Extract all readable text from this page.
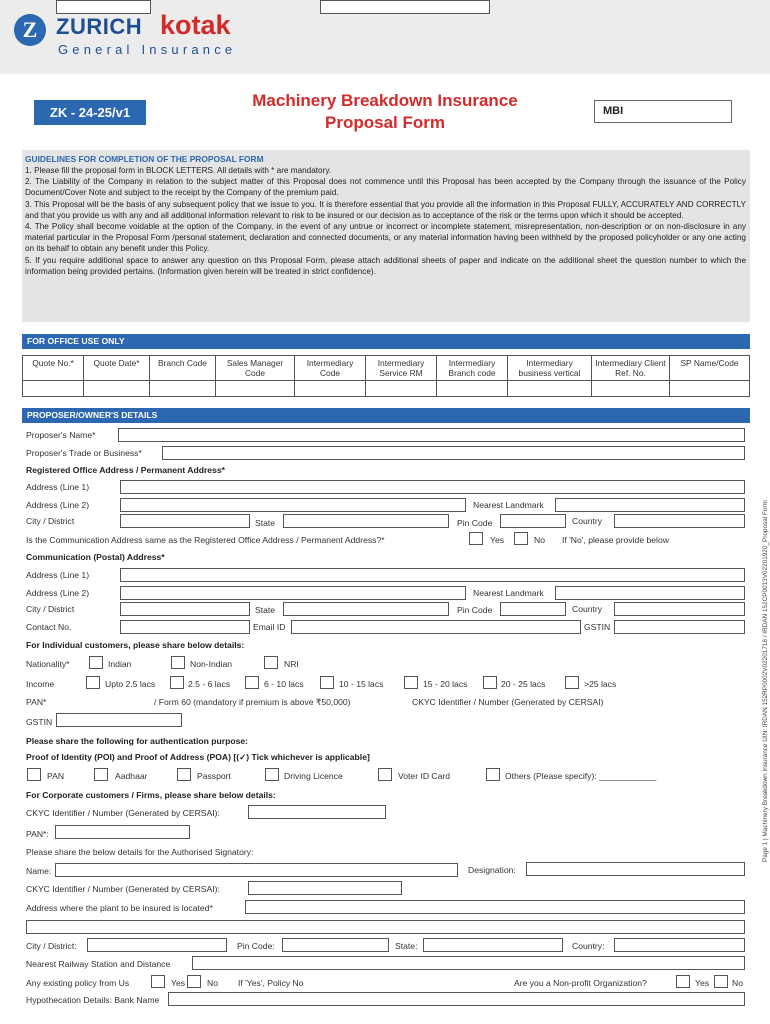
Z ZURICH kotak
General Insurance
ZK - 24-25/v1
Machinery Breakdown Insurance
Proposal Form
MBI
GUIDELINES FOR COMPLETION OF THE PROPOSAL FORM
1. Please fill the proposal form in BLOCK LETTERS. All details with * are mandatory.
2. The Liability of the Company in relation to the subject matter of this Proposal does not commence until this Proposal has been accepted by the Company through the issuance of the Policy Document/Cover Note and subject to the receipt by the Company of the premium paid.
3. This Proposal will be the basis of any subsequent policy that we issue to you. It is therefore essential that you provide all the information in this Proposal FULLY, ACCURATELY AND CORRECTLY and that you provide us with any and all additional information relevant to risk to be insured or our decision as to acceptance of the risk or the terms upon which it should be accepted.
4. The Policy shall become voidable at the option of the Company, in the event of any untrue or incorrect or incomplete statement, misrepresentation, non-description or on non-disclosure in any material particular in the Proposal Form /personal statement, declaration and connected documents, or any material information having been withheld by the proposed policyholder or any one acting on its behalf to obtain any benefit under this Policy.
5. If you require additional space to answer any question on this Proposal Form, please attach additional sheets of paper and indicate on the additional sheet the question number to which the information being provided pertains. (Information given herein will be treated in strict confidence).
FOR OFFICE USE ONLY
Quote No.*	Quote Date*	Branch Code	Sales Manager Code	Intermediary Code	Intermediary Service RM	Intermediary Branch code	Intermediary business vertical	Intermediary Client Ref. No.	SP Name/Code

Page 1 | Machinery Breakdown Insurance UIN: IRDAN 152RP0002V02201718 / IRDAN 152CP0013V02201920_Proposal Form
PROPOSER/OWNER'S DETAILS
Proposer's Name*
Proposer's Trade or Business*
Registered Office Address / Permanent Address*
Address (Line 1)
Address (Line 2)	Nearest Landmark
City / District	State	Pin Code	Country
Is the Communication Address same as the Registered Office Address / Permanent Address?*	Yes	No If 'No', please provide below
Communication (Postal) Address*
Address (Line 1)
Address (Line 2)	Nearest Landmark
City / District	State	Pin Code	Country
Contact No.	Email ID	GSTIN
For Individual customers, please share below details:
Nationality*	Indian	Non-Indian	NRI
Income	Upto 2.5 lacs	2.5 - 6 lacs	6 - 10 lacs	10 - 15 lacs	15 - 20 lacs	20 - 25 lacs	>25 lacs
PAN*	/ Form 60 (mandatory if premium is above ₹50,000)	CKYC Identifier / Number (Generated by CERSAI)
GSTIN
Please share the following for authentication purpose:
Proof of Identity (POI) and Proof of Address (POA) [(✓) Tick whichever is applicable]
PAN	Aadhaar	Passport	Driving Licence	Voter ID Card	Others (Please specify): ____________
For Corporate customers / Firms, please share below details:
CKYC Identifier / Number (Generated by CERSAI):
PAN*:
Please share the below details for the Authorised Signatory:
Name:	Designation:
CKYC Identifier / Number (Generated by CERSAI):
Address where the plant to be insured is located*
City / District:	Pin Code:	State:	Country:
Nearest Railway Station and Distance
Any existing policy from Us	Yes	No If 'Yes', Policy No	Are you a Non-profit Organization?	Yes	No
Hypothecation Details: Bank Name
